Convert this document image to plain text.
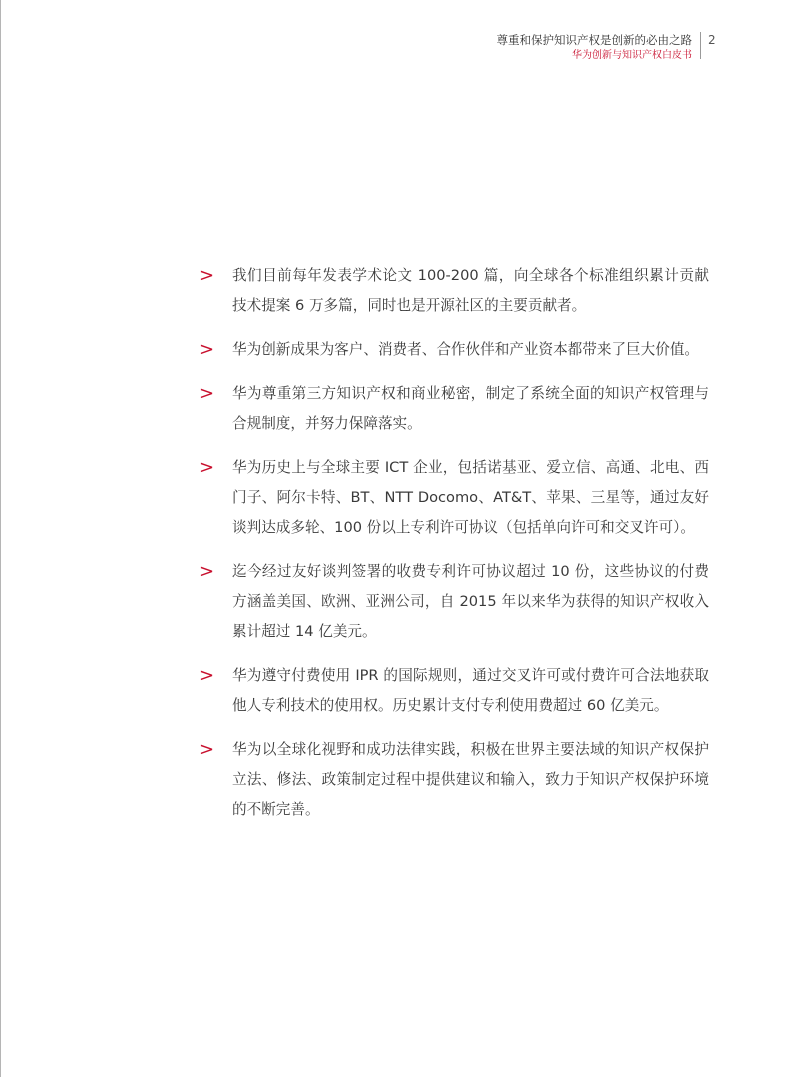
尊重和保护知识产权是创新的必由之路
华为创新与知识产权白皮书
2
> 我们目前每年发表学术论文 100-200 篇，向全球各个标准组织累计贡献技术提案 6 万多篇，同时也是开源社区的主要贡献者。
> 华为创新成果为客户、消费者、合作伙伴和产业资本都带来了巨大价值。
> 华为尊重第三方知识产权和商业秘密，制定了系统全面的知识产权管理与合规制度，并努力保障落实。
> 华为历史上与全球主要 ICT 企业，包括诺基亚、爱立信、高通、北电、西门子、阿尔卡特、BT、NTT Docomo、AT&T、苹果、三星等，通过友好谈判达成多轮、100 份以上专利许可协议（包括单向许可和交叉许可）。
> 迄今经过友好谈判签署的收费专利许可协议超过 10 份，这些协议的付费方涵盖美国、欧洲、亚洲公司，自 2015 年以来华为获得的知识产权收入累计超过 14 亿美元。
> 华为遵守付费使用 IPR 的国际规则，通过交叉许可或付费许可合法地获取他人专利技术的使用权。历史累计支付专利使用费超过 60 亿美元。
> 华为以全球化视野和成功法律实践，积极在世界主要法域的知识产权保护立法、修法、政策制定过程中提供建议和输入，致力于知识产权保护环境的不断完善。
